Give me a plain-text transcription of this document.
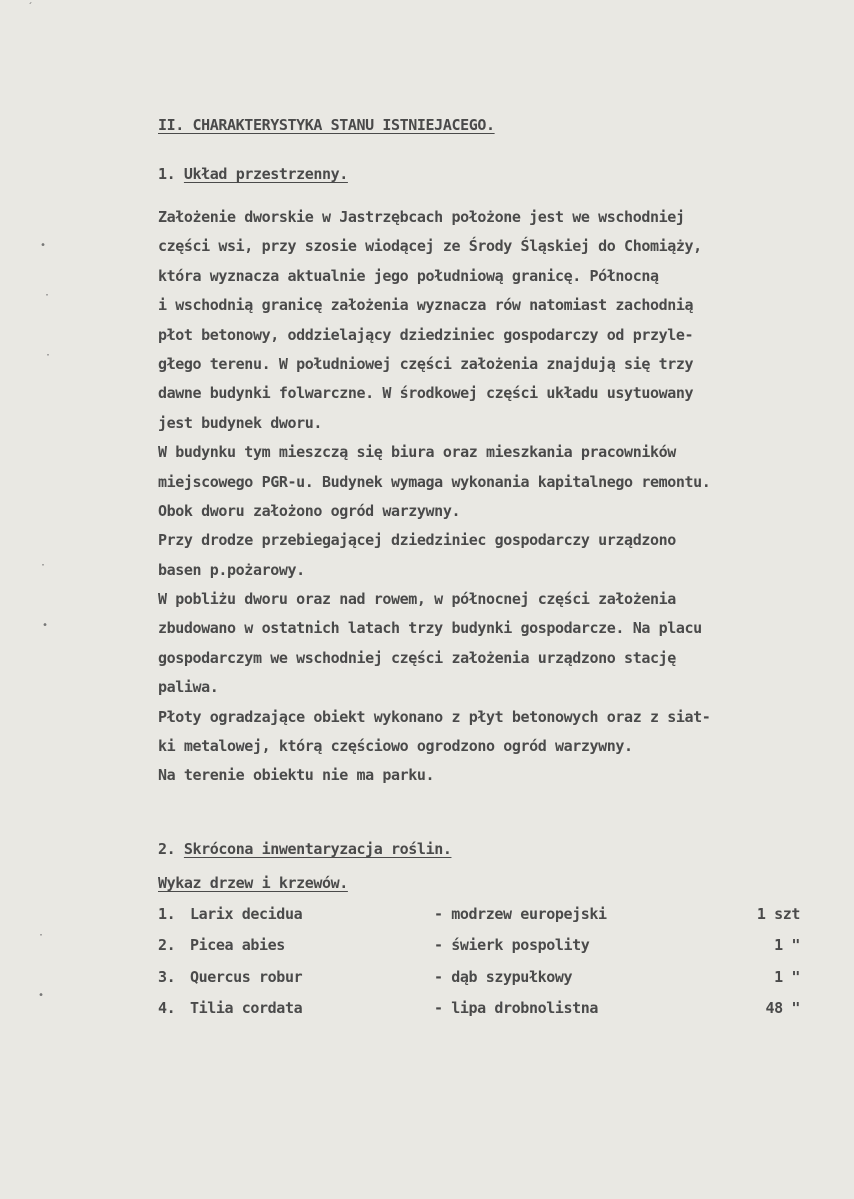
´
•
·
·
·
•
·
•
II. CHARAKTERYSTYKA STANU ISTNIEJACEGO.
1. Układ przestrzenny.
Założenie dworskie w Jastrzębcach położone jest we wschodniej
części wsi, przy szosie wiodącej ze Środy Śląskiej do Chomiąży,
która wyznacza aktualnie jego południową granicę. Północną
i wschodnią granicę założenia wyznacza rów natomiast zachodnią
płot betonowy, oddzielający dziedziniec gospodarczy od przyle-
głego terenu. W południowej części założenia znajdują się trzy
dawne budynki folwarczne. W środkowej części układu usytuowany
jest budynek dworu.
W budynku tym mieszczą się biura oraz mieszkania pracowników
miejscowego PGR-u. Budynek wymaga wykonania kapitalnego remontu.
Obok dworu założono ogród warzywny.
Przy drodze przebiegającej dziedziniec gospodarczy urządzono
basen p.pożarowy.
W pobliżu dworu oraz nad rowem, w północnej części założenia
zbudowano w ostatnich latach trzy budynki gospodarcze. Na placu
gospodarczym we wschodniej części założenia urządzono stację
paliwa.
Płoty ogradzające obiekt wykonano z płyt betonowych oraz z siat-
ki metalowej, którą częściowo ogrodzono ogród warzywny.
Na terenie obiektu nie ma parku.
2. Skrócona inwentaryzacja roślin.
Wykaz drzew i krzewów.
1. Larix decidua	- modrzew europejski	1 szt
2. Picea abies	- świerk pospolity	1 "
3. Quercus robur	- dąb szypułkowy	1 "
4. Tilia cordata	- lipa drobnolistna	48 "
